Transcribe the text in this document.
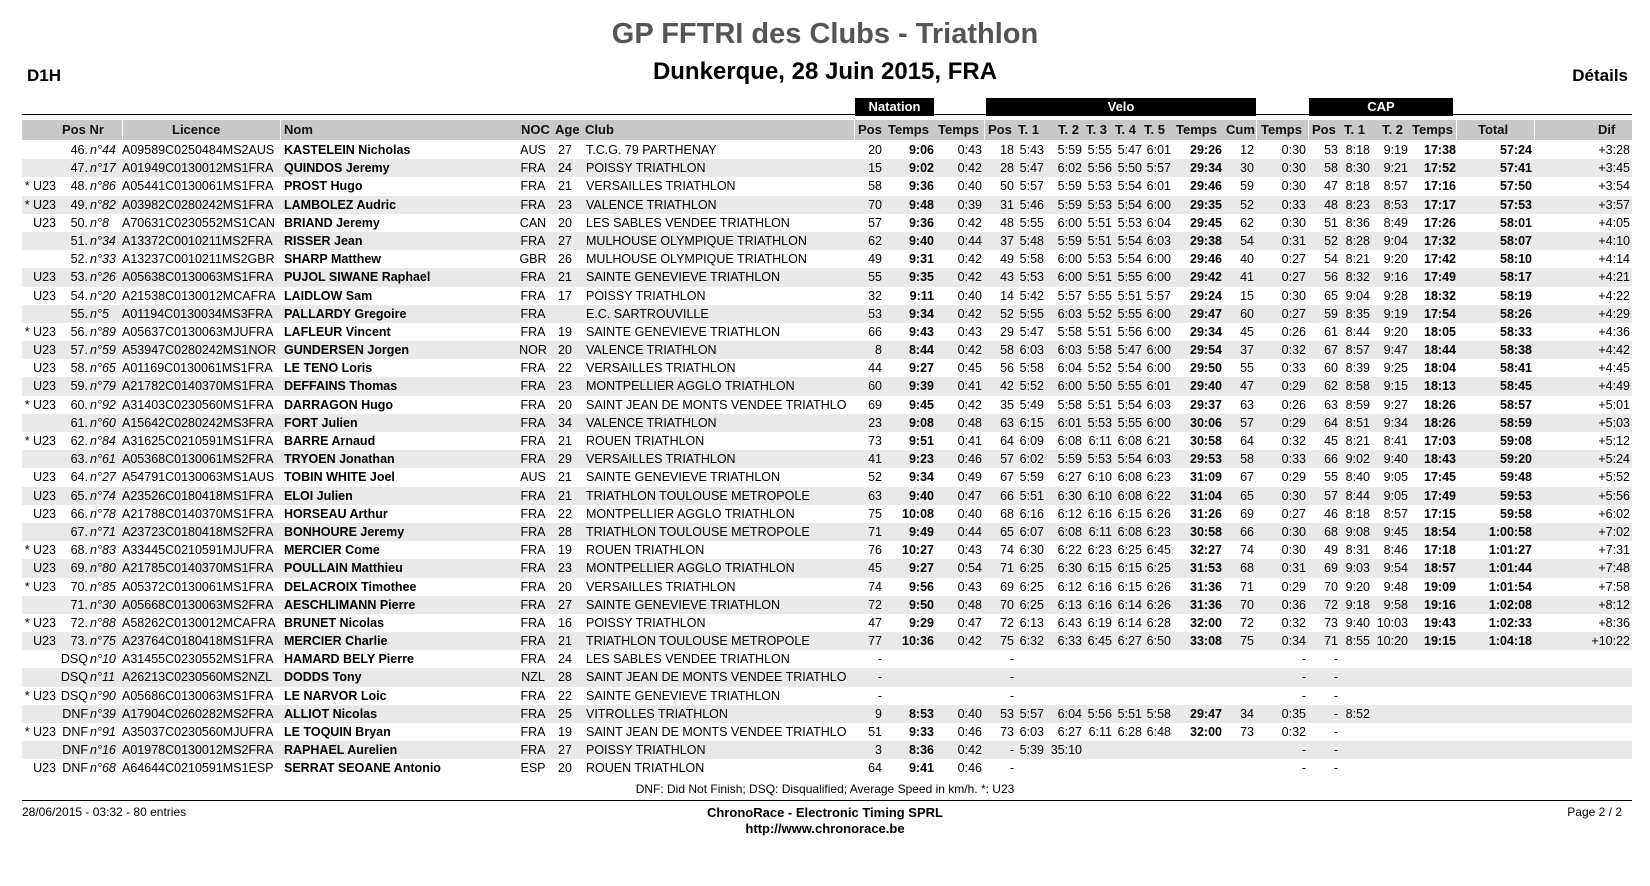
GP FFTRI des Clubs - Triathlon
Dunkerque, 28 Juin 2015, FRA
D1H	Détails
Natation	Velo	CAP
Pos Nr	Licence	Nom	NOC Age Club	Pos Temps Temps Pos T. 1 T. 2 T. 3 T. 4 T. 5 Temps Cum Temps Pos T. 1 T. 2 Temps Total	Dif
46. n°44 A09589C0250484MS2AUS KASTELEIN Nicholas	AUS 27	T.C.G. 79 PARTHENAY	20	9:06	0:43	18 5:43	5:59 5:55 5:47 6:01	29:26	12	0:30	53 8:18	9:19	17:38	57:24	+3:28
47. n°17 A01949C0130012MS1FRA QUINDOS Jeremy	FRA	24	POISSY TRIATHLON	15	9:02	0:42	28 5:47	6:02 5:56 5:50 5:57	29:34	30	0:30	58 8:30	9:21	17:52	57:41	+3:45
* U23	48. n°86 A05441C0130061MS1FRA PROST Hugo	FRA	21	VERSAILLES TRIATHLON	58	9:36	0:40	50 5:57	5:59 5:53 5:54 6:01	29:46	59	0:30	47 8:18	8:57	17:16	57:50	+3:54
* U23	49. n°82 A03982C0280242MS1FRA LAMBOLEZ Audric	FRA	23	VALENCE TRIATHLON	70	9:48	0:39	31 5:46	5:59 5:53 5:54 6:00	29:35	52	0:33	48 8:23	8:53	17:17	57:53	+3:57
U23	50. n°8	A70631C0230552MS1CAN BRIAND Jeremy	CAN 20	LES SABLES VENDEE TRIATHLON	57	9:36	0:42	48 5:55	6:00 5:51 5:53 6:04	29:45	62	0:30	51 8:36	8:49	17:26	58:01	+4:05
51. n°34 A13372C0010211MS2FRA RISSER Jean	FRA	27	MULHOUSE OLYMPIQUE TRIATHLON	62	9:40	0:44	37 5:48	5:59 5:51 5:54 6:03	29:38	54	0:31	52 8:28	9:04	17:32	58:07	+4:10
52. n°33 A13237C0010211MS2GBR SHARP Matthew	GBR 26	MULHOUSE OLYMPIQUE TRIATHLON	49	9:31	0:42	49 5:58	6:00 5:53 5:54 6:00	29:46	40	0:27	54 8:21	9:20	17:42	58:10	+4:14
U23	53. n°26 A05638C0130063MS1FRA PUJOL SIWANE Raphael	FRA	21	SAINTE GENEVIEVE TRIATHLON	55	9:35	0:42	43 5:53	6:00 5:51 5:55 6:00	29:42	41	0:27	56 8:32	9:16	17:49	58:17	+4:21
U23	54. n°20 A21538C0130012MCAFRA LAIDLOW Sam	FRA	17	POISSY TRIATHLON	32	9:11	0:40	14 5:42	5:57 5:55 5:51 5:57	29:24	15	0:30	65 9:04	9:28	18:32	58:19	+4:22
55. n°5	A01194C0130034MS3FRA PALLARDY Gregoire	FRA	E.C. SARTROUVILLE	53	9:34	0:42	52 5:55	6:03 5:52 5:55 6:00	29:47	60	0:27	59 8:35	9:19	17:54	58:26	+4:29
* U23	56. n°89 A05637C0130063MJUFRA LAFLEUR Vincent	FRA	19	SAINTE GENEVIEVE TRIATHLON	66	9:43	0:43	29 5:47	5:58 5:51 5:56 6:00	29:34	45	0:26	61 8:44	9:20	18:05	58:33	+4:36
U23	57. n°59 A53947C0280242MS1NOR GUNDERSEN Jorgen	NOR 20	VALENCE TRIATHLON	8	8:44	0:42	58 6:03	6:03 5:58 5:47 6:00	29:54	37	0:32	67 8:57	9:47	18:44	58:38	+4:42
U23	58. n°65 A01169C0130061MS1FRA LE TENO Loris	FRA	22	VERSAILLES TRIATHLON	44	9:27	0:45	56 5:58	6:04 5:52 5:54 6:00	29:50	55	0:33	60 8:39	9:25	18:04	58:41	+4:45
U23	59. n°79 A21782C0140370MS1FRA DEFFAINS Thomas	FRA	23	MONTPELLIER AGGLO TRIATHLON	60	9:39	0:41	42 5:52	6:00 5:50 5:55 6:01	29:40	47	0:29	62 8:58	9:15	18:13	58:45	+4:49
* U23	60. n°92 A31403C0230560MS1FRA DARRAGON Hugo	FRA	20	SAINT JEAN DE MONTS VENDEE TRIATHLO	69	9:45	0:42	35 5:49	5:58 5:51 5:54 6:03	29:37	63	0:26	63 8:59	9:27	18:26	58:57	+5:01
61. n°60 A15642C0280242MS3FRA FORT Julien	FRA	34	VALENCE TRIATHLON	23	9:08	0:48	63 6:15	6:01 5:53 5:55 6:00	30:06	57	0:29	64 8:51	9:34	18:26	58:59	+5:03
* U23	62. n°84 A31625C0210591MS1FRA BARRE Arnaud	FRA	21	ROUEN TRIATHLON	73	9:51	0:41	64 6:09	6:08 6:11 6:08 6:21	30:58	64	0:32	45 8:21	8:41	17:03	59:08	+5:12
63. n°61 A05368C0130061MS2FRA TRYOEN Jonathan	FRA	29	VERSAILLES TRIATHLON	41	9:23	0:46	57 6:02	5:59 5:53 5:54 6:03	29:53	58	0:33	66 9:02	9:40	18:43	59:20	+5:24
U23	64. n°27 A54791C0130063MS1AUS TOBIN WHITE Joel	AUS 21	SAINTE GENEVIEVE TRIATHLON	52	9:34	0:49	67 5:59	6:27 6:10 6:08 6:23	31:09	67	0:29	55 8:40	9:05	17:45	59:48	+5:52
U23	65. n°74 A23526C0180418MS1FRA ELOI Julien	FRA	21	TRIATHLON TOULOUSE METROPOLE	63	9:40	0:47	66 5:51	6:30 6:10 6:08 6:22	31:04	65	0:30	57 8:44	9:05	17:49	59:53	+5:56
U23	66. n°78 A21788C0140370MS1FRA HORSEAU Arthur	FRA	22	MONTPELLIER AGGLO TRIATHLON	75	10:08	0:40	68 6:16	6:12 6:16 6:15 6:26	31:26	69	0:27	46 8:18	8:57	17:15	59:58	+6:02
67. n°71 A23723C0180418MS2FRA BONHOURE Jeremy	FRA	28	TRIATHLON TOULOUSE METROPOLE	71	9:49	0:44	65 6:07	6:08 6:11 6:08 6:23	30:58	66	0:30	68 9:08	9:45	18:54	1:00:58	+7:02
* U23	68. n°83 A33445C0210591MJUFRA MERCIER Come	FRA	19	ROUEN TRIATHLON	76	10:27	0:43	74 6:30	6:22 6:23 6:25 6:45	32:27	74	0:30	49 8:31	8:46	17:18	1:01:27	+7:31
U23	69. n°80 A21785C0140370MS1FRA POULLAIN Matthieu	FRA	23	MONTPELLIER AGGLO TRIATHLON	45	9:27	0:54	71 6:25	6:30 6:15 6:15 6:25	31:53	68	0:31	69 9:03	9:54	18:57	1:01:44	+7:48
* U23	70. n°85 A05372C0130061MS1FRA DELACROIX Timothee	FRA	20	VERSAILLES TRIATHLON	74	9:56	0:43	69 6:25	6:12 6:16 6:15 6:26	31:36	71	0:29	70 9:20	9:48	19:09	1:01:54	+7:58
71. n°30 A05668C0130063MS2FRA AESCHLIMANN Pierre	FRA	27	SAINTE GENEVIEVE TRIATHLON	72	9:50	0:48	70 6:25	6:13 6:16 6:14 6:26	31:36	70	0:36	72 9:18	9:58	19:16	1:02:08	+8:12
* U23	72. n°88 A58262C0130012MCAFRA BRUNET Nicolas	FRA	16	POISSY TRIATHLON	47	9:29	0:47	72 6:13	6:43 6:19 6:14 6:28	32:00	72	0:32	73 9:40 10:03	19:43	1:02:33	+8:36
U23	73. n°75 A23764C0180418MS1FRA MERCIER Charlie	FRA	21	TRIATHLON TOULOUSE METROPOLE	77	10:36	0:42	75 6:32	6:33 6:45 6:27 6:50	33:08	75	0:34	71 8:55 10:20	19:15	1:04:18	+10:22
DSQ n°10 A31455C0230552MS1FRA HAMARD BELY Pierre	FRA	24	LES SABLES VENDEE TRIATHLON	-	-	-	-
DSQ n°11 A26213C0230560MS2NZL DODDS Tony	NZL	28	SAINT JEAN DE MONTS VENDEE TRIATHLO	-	-	-	-
* U23 DSQ n°90 A05686C0130063MS1FRA LE NARVOR Loic	FRA	22	SAINTE GENEVIEVE TRIATHLON	-	-	-	-
DNF n°39 A17904C0260282MS2FRA ALLIOT Nicolas	FRA	25	VITROLLES TRIATHLON	9	8:53	0:40	53 5:57	6:04 5:56 5:51 5:58	29:47	34	0:35	- 8:52
* U23 DNF n°91 A35037C0230560MJUFRA LE TOQUIN Bryan	FRA	19	SAINT JEAN DE MONTS VENDEE TRIATHLO	51	9:33	0:46	73 6:03	6:27 6:11 6:28 6:48	32:00	73	0:32	-
DNF n°16 A01978C0130012MS2FRA RAPHAEL Aurelien	FRA	27	POISSY TRIATHLON	3	8:36	0:42	- 5:39 35:10	-	-
U23 DNF n°68 A64644C0210591MS1ESP SERRAT SEOANE Antonio	ESP	20	ROUEN TRIATHLON	64	9:41	0:46	-	-	-
DNF: Did Not Finish; DSQ: Disqualified; Average Speed in km/h. *: U23
28/06/2015 - 03:32 - 80 entries	ChronoRace - Electronic Timing SPRL
http://www.chronorace.be
Page 2 / 2
